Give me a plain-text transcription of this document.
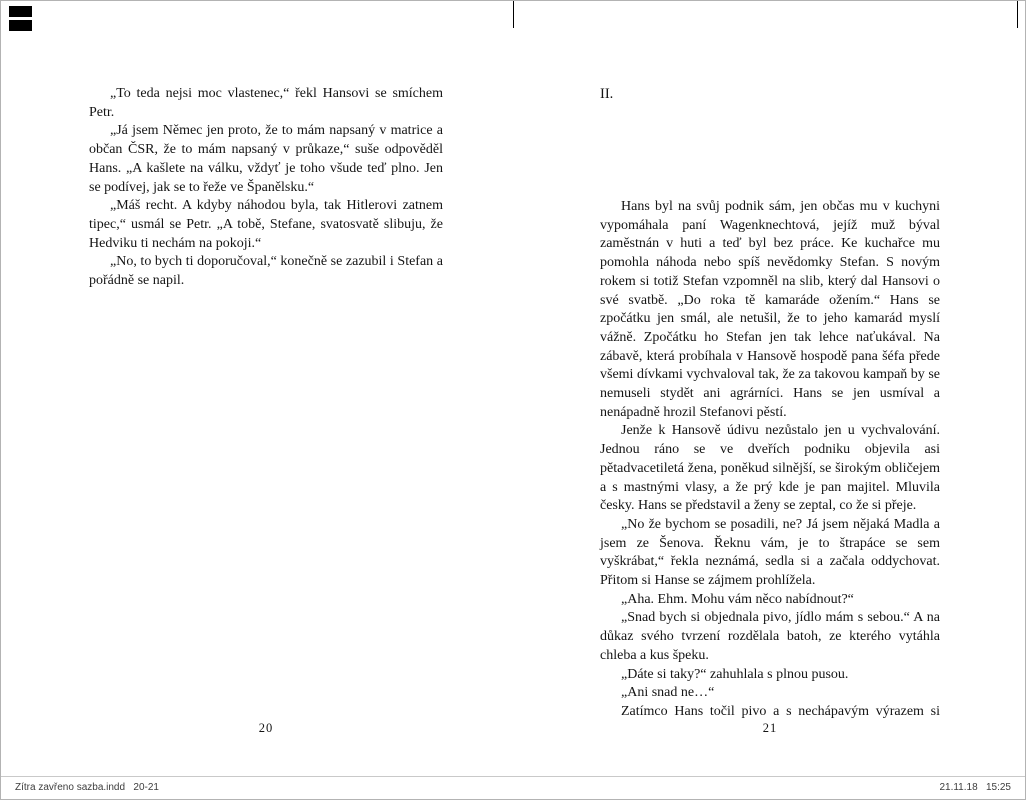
„To teda nejsi moc vlastenec,“ řekl Hansovi se smíchem Petr.

„Já jsem Němec jen proto, že to mám napsaný v matrice a občan ČSR, že to mám napsaný v průkaze,“ suše odpověděl Hans. „A kašlete na válku, vždyť je toho všude teď plno. Jen se podívej, jak se to řeže ve Španělsku.“

„Máš recht. A kdyby náhodou byla, tak Hitlerovi zatnem tipec,“ usmál se Petr. „A tobě, Stefane, svatosvatě slibuju, že Hedviku ti nechám na pokoji.“

„No, to bych ti doporučoval,“ konečně se zazubil i Stefan a pořádně se napil.

20
II.

Hans byl na svůj podnik sám, jen občas mu v kuchyni vypomáhala paní Wagenknechtová, jejíž muž býval zaměstnán v huti a teď byl bez práce. Ke kuchařce mu pomohla náhoda nebo spíš nevědomky Stefan. S novým rokem si totiž Stefan vzpomněl na slib, který dal Hansovi o své svatbě. „Do roka tě kamaráde ožením.“ Hans se zpočátku jen smál, ale netušil, že to jeho kamarád myslí vážně. Zpočátku ho Stefan jen tak lehce naťukával. Na zábavě, která probíhala v Hansově hospodě pana šéfa přede všemi dívkami vychvaloval tak, že za takovou kampaň by se nemuseli stydět ani agrárníci. Hans se jen usmíval a nenápadně hrozil Stefanovi pěstí.

Jenže k Hansově údivu nezůstalo jen u vychvalování. Jednou ráno se ve dveřích podniku objevila asi pětadvacetiletá žena, poněkud silnější, se širokým obličejem a s mastnými vlasy, a že prý kde je pan majitel. Mluvila česky. Hans se představil a ženy se zeptal, co že si přeje.

„No že bychom se posadili, ne? Já jsem nějaká Madla a jsem ze Šenova. Řeknu vám, je to štrapáce se sem vyškrábat,“ řekla neznámá, sedla si a začala oddychovat. Přitom si Hanse se zájmem prohlížela.

„Aha. Ehm. Mohu vám něco nabídnout?“

„Snad bych si objednala pivo, jídlo mám s sebou.“ A na důkaz svého tvrzení rozdělala batoh, ze kterého vytáhla chleba a kus špeku.

„Dáte si taky?“ zahuhlala s plnou pusou.

„Ani snad ne…“

Zatímco Hans točil pivo a s nechápavým výrazem si

21
Zítra zavřeno sazba.indd   20-21	21.11.18   15:25
